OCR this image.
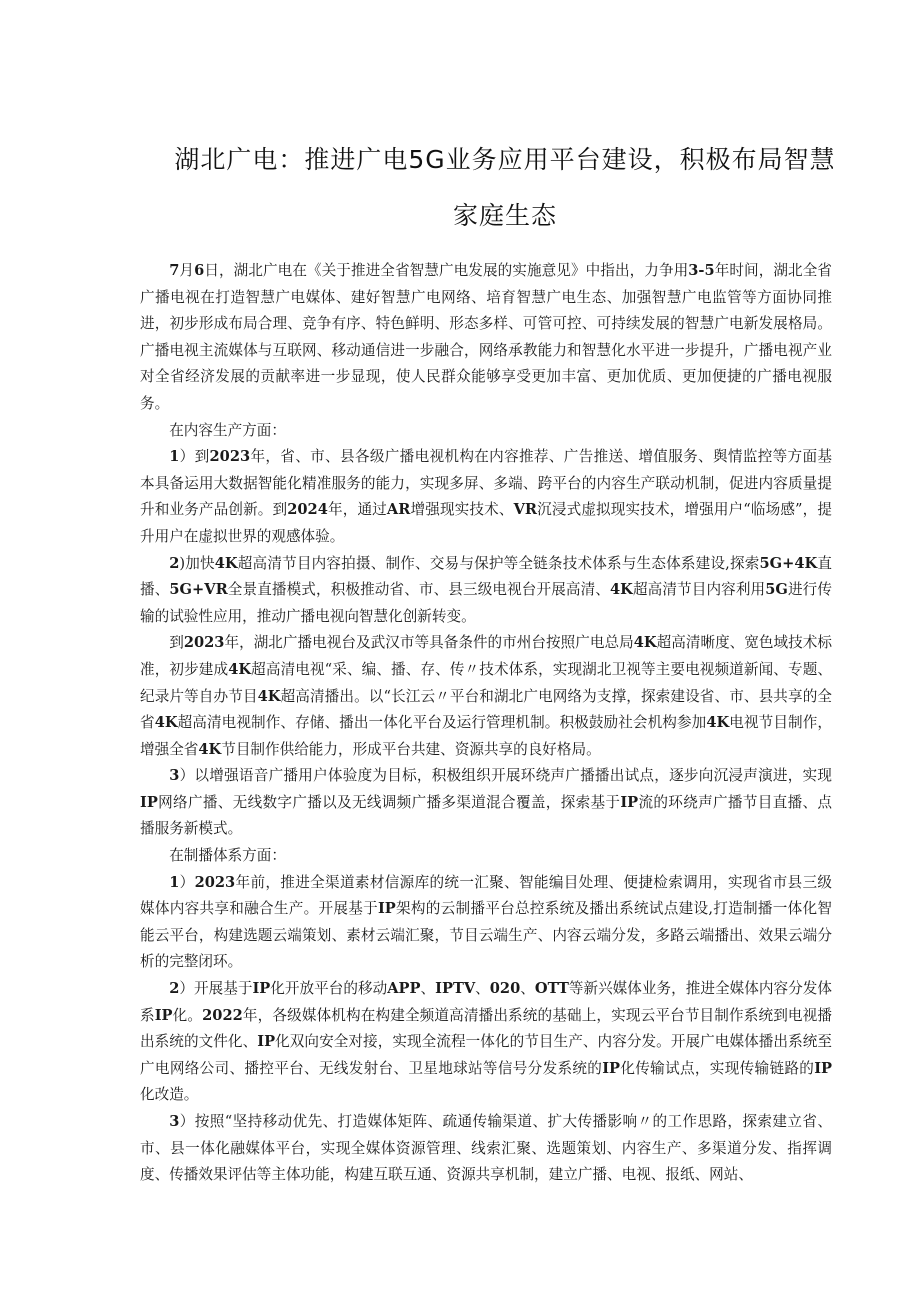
湖北广电：推进广电5G业务应用平台建设，积极布局智慧
家庭生态

7月6日，湖北广电在《关于推进全省智慧广电发展的实施意见》中指出，力争用3-5年时间，湖北全省广播电视在打造智慧广电媒体、建好智慧广电网络、培育智慧广电生态、加强智慧广电监管等方面协同推进，初步形成布局合理、竞争有序、特色鲜明、形态多样、可管可控、可持续发展的智慧广电新发展格局。广播电视主流媒体与互联网、移动通信进一步融合，网络承教能力和智慧化水平进一步提升，广播电视产业对全省经济发展的贡献率进一步显现，使人民群众能够享受更加丰富、更加优质、更加便捷的广播电视服务。

在内容生产方面：

1）到2023年，省、市、县各级广播电视机构在内容推荐、广告推送、增值服务、舆情监控等方面基本具备运用大数据智能化精准服务的能力，实现多屏、多端、跨平台的内容生产联动机制，促进内容质量提升和业务产品创新。到2024年，通过AR增强现实技术、VR沉浸式虚拟现实技术，增强用户“临场感”，提升用户在虚拟世界的观感体验。

2)加快4K超高清节目内容拍摄、制作、交易与保护等全链条技术体系与生态体系建设,探索5G+4K直播、5G+VR全景直播模式，积极推动省、市、县三级电视台开展高清、4K超高清节目内容利用5G进行传输的试验性应用，推动广播电视向智慧化创新转变。

到2023年，湖北广播电视台及武汉市等具备条件的市州台按照广电总局4K超高清晰度、宽色域技术标准，初步建成4K超高清电视“采、编、播、存、传〃技术体系，实现湖北卫视等主要电视频道新闻、专题、纪录片等自办节目4K超高清播出。以“长江云〃平台和湖北广电网络为支撑，探索建设省、市、县共享的全省4K超高清电视制作、存储、播出一体化平台及运行管理机制。积极鼓励社会机构参加4K电视节目制作，增强全省4K节目制作供给能力，形成平台共建、资源共享的良好格局。

3）以增强语音广播用户体验度为目标，积极组织开展环绕声广播播出试点，逐步向沉浸声演进，实现IP网络广播、无线数字广播以及无线调频广播多渠道混合覆盖，探索基于IP流的环绕声广播节目直播、点播服务新模式。

在制播体系方面：

1）2023年前，推进全渠道素材信源库的统一汇聚、智能编目处理、便捷检索调用，实现省市县三级媒体内容共享和融合生产。开展基于IP架构的云制播平台总控系统及播出系统试点建设,打造制播一体化智能云平台，构建选题云端策划、素材云端汇聚，节目云端生产、内容云端分发，多路云端播出、效果云端分析的完整闭环。

2）开展基于IP化开放平台的移动APP、IPTV、020、OTT等新兴媒体业务，推进全媒体内容分发体系IP化。2022年，各级媒体机构在构建全频道高清播出系统的基础上，实现云平台节目制作系统到电视播出系统的文件化、IP化双向安全对接，实现全流程一体化的节目生产、内容分发。开展广电媒体播出系统至广电网络公司、播控平台、无线发射台、卫星地球站等信号分发系统的IP化传输试点，实现传输链路的IP化改造。

3）按照“坚持移动优先、打造媒体矩阵、疏通传输渠道、扩大传播影响〃的工作思路，探索建立省、市、县一体化融媒体平台，实现全媒体资源管理、线索汇聚、选题策划、内容生产、多渠道分发、指挥调度、传播效果评估等主体功能，构建互联互通、资源共享机制，建立广播、电视、报纸、网站、
